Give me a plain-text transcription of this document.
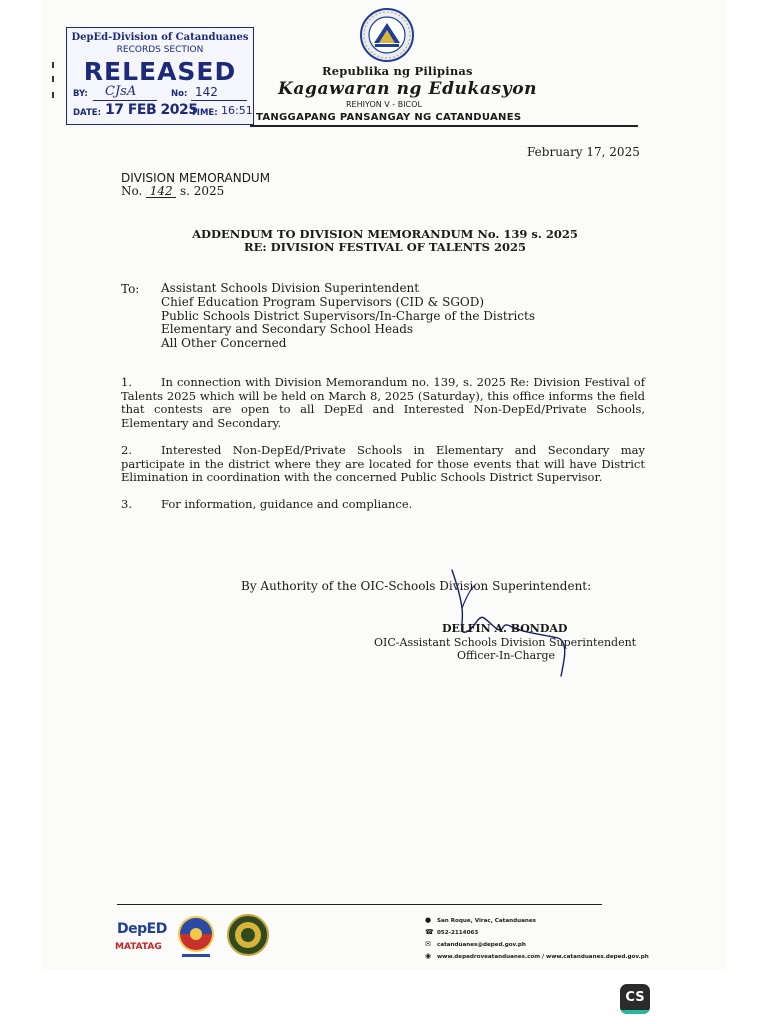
DepEd-Division of Catanduanes
RECORDS SECTION
RELEASED
BY: CJsA	No: 142
DATE: 17 FEB 2025
TIME: 16:51
Republika ng Pilipinas
Kagawaran ng Edukasyon
REHIYON V - BICOL
TANGGAPANG PANSANGAY NG CATANDUANES
February 17, 2025
DIVISION MEMORANDUM
No. 142 s. 2025
ADDENDUM TO DIVISION MEMORANDUM No. 139 s. 2025
RE: DIVISION FESTIVAL OF TALENTS 2025
To: Assistant Schools Division Superintendent
Chief Education Program Supervisors (CID & SGOD)
Public Schools District Supervisors/In-Charge of the Districts
Elementary and Secondary School Heads
All Other Concerned
1.	In connection with Division Memorandum no. 139, s. 2025 Re: Division Festival of Talents 2025 which will be held on March 8, 2025 (Saturday), this office informs the field that contests are open to all DepEd and Interested Non-DepEd/Private Schools, Elementary and Secondary.
2.	Interested Non-DepEd/Private Schools in Elementary and Secondary may participate in the district where they are located for those events that will have District Elimination in coordination with the concerned Public Schools District Supervisor.
3.	For information, guidance and compliance.
By Authority of the OIC-Schools Division Superintendent:
DELFIN A. BONDAD
OIC-Assistant Schools Division Superintendent
Officer-In-Charge
DepED
MATATAG
● San Roque, Virac, Catanduanes
☎ 052-2114063
✉ catanduanes@deped.gov.ph
◉ www.depedroveatanduanes.com / www.catanduanes.deped.gov.ph
CS
